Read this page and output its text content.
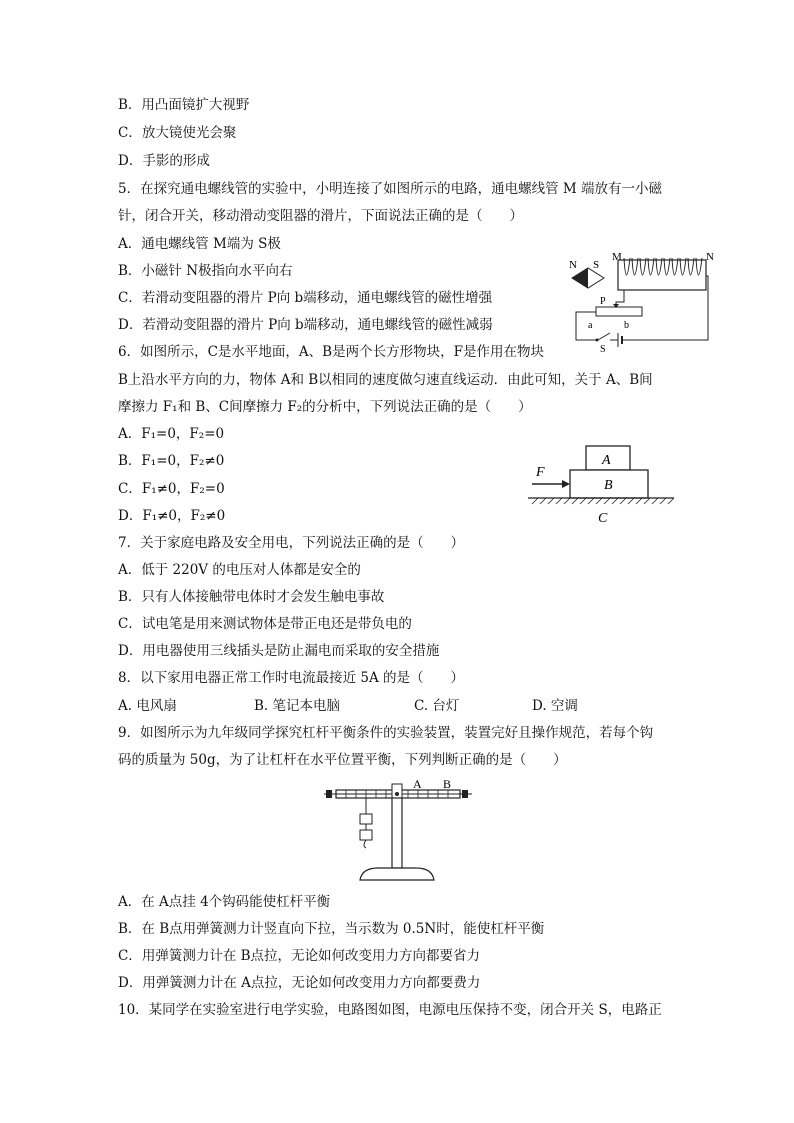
B．用凸面镜扩大视野
C．放大镜使光会聚
D．手影的形成
5．在探究通电螺线管的实验中，小明连接了如图所示的电路，通电螺线管 M 端放有一小磁
针，闭合开关，移动滑动变阻器的滑片，下面说法正确的是（　　）
A．通电螺线管 M端为 S极
B．小磁针 N极指向水平向右
C．若滑动变阻器的滑片 P向 b端移动，通电螺线管的磁性增强
D．若滑动变阻器的滑片 P向 b端移动，通电螺线管的磁性减弱
6．如图所示，C是水平地面，A、B是两个长方形物块，F是作用在物块
B上沿水平方向的力，物体 A和 B以相同的速度做匀速直线运动．由此可知，关于 A、B间
摩擦力 F₁和 B、C间摩擦力 F₂的分析中，下列说法正确的是（　　）
A．F₁=0，F₂=0
B．F₁=0，F₂≠0
C．F₁≠0，F₂=0
D．F₁≠0，F₂≠0
7．关于家庭电路及安全用电，下列说法正确的是（　　）
A．低于 220V 的电压对人体都是安全的
B．只有人体接触带电体时才会发生触电事故
C．试电笔是用来测试物体是带正电还是带负电的
D．用电器使用三线插头是防止漏电而采取的安全措施
8．以下家用电器正常工作时电流最接近 5A 的是（　　）
A. 电风扇	B. 笔记本电脑	C. 台灯	D. 空调
9．如图所示为九年级同学探究杠杆平衡条件的实验装置，装置完好且操作规范，若每个钩
码的质量为 50g，为了让杠杆在水平位置平衡，下列判断正确的是（　　）
A．在 A点挂 4个钩码能使杠杆平衡
B．在 B点用弹簧测力计竖直向下拉，当示数为 0.5N时，能使杠杆平衡
C．用弹簧测力计在 B点拉，无论如何改变用力方向都要省力
D．用弹簧测力计在 A点拉，无论如何改变用力方向都要费力
10．某同学在实验室进行电学实验，电路图如图，电源电压保持不变，闭合开关 S，电路正
N S
M	N
P
a	b
S
A
B
F
C
A B
